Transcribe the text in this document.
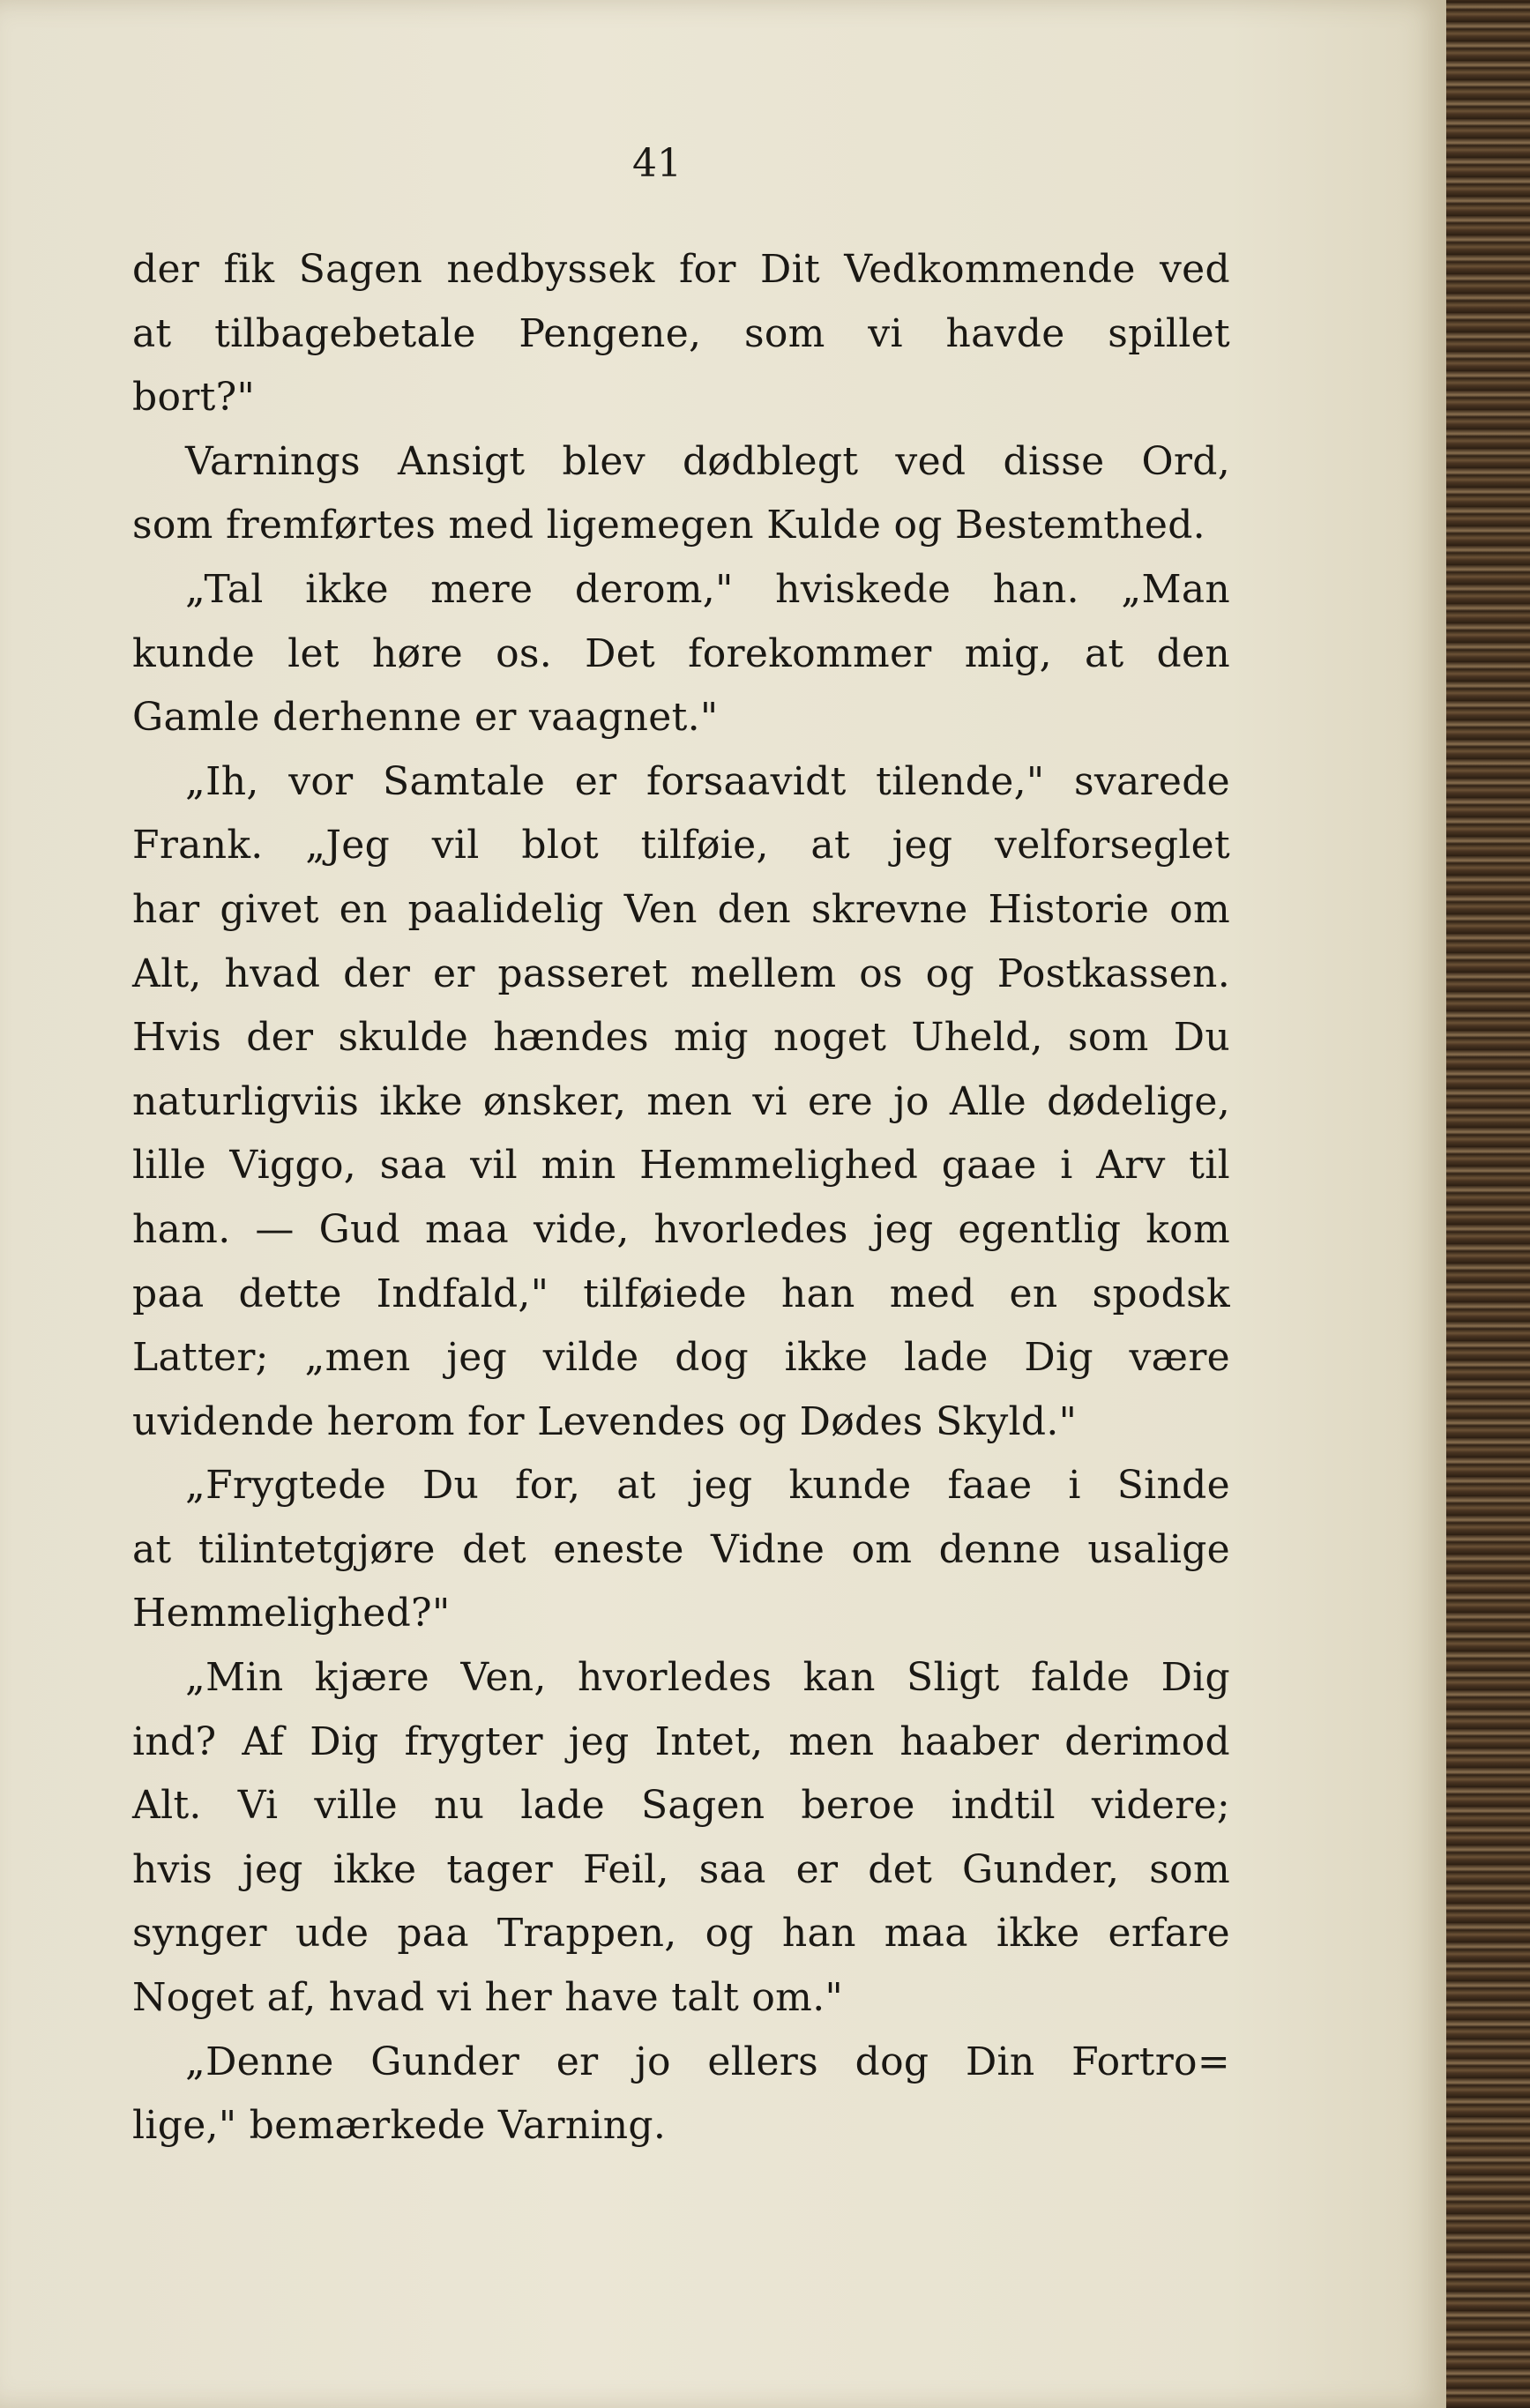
41
der fik Sagen nedbyssek for Dit Vedkommende ved
at tilbagebetale Pengene, som vi havde spillet
bort?"
Varnings Ansigt blev dødblegt ved disse Ord,
som fremførtes med ligemegen Kulde og Bestemthed.
„Tal ikke mere derom," hviskede han. „Man
kunde let høre os. Det forekommer mig, at den
Gamle derhenne er vaagnet."
„Ih, vor Samtale er forsaavidt tilende," svarede
Frank. „Jeg vil blot tilføie, at jeg velforseglet
har givet en paalidelig Ven den skrevne Historie om
Alt, hvad der er passeret mellem os og Postkassen.
Hvis der skulde hændes mig noget Uheld, som Du
naturligviis ikke ønsker, men vi ere jo Alle dødelige,
lille Viggo, saa vil min Hemmelighed gaae i Arv til
ham. — Gud maa vide, hvorledes jeg egentlig kom
paa dette Indfald," tilføiede han med en spodsk
Latter; „men jeg vilde dog ikke lade Dig være
uvidende herom for Levendes og Dødes Skyld."
„Frygtede Du for, at jeg kunde faae i Sinde
at tilintetgjøre det eneste Vidne om denne usalige
Hemmelighed?"
„Min kjære Ven, hvorledes kan Sligt falde Dig
ind? Af Dig frygter jeg Intet, men haaber derimod
Alt. Vi ville nu lade Sagen beroe indtil videre;
hvis jeg ikke tager Feil, saa er det Gunder, som
synger ude paa Trappen, og han maa ikke erfare
Noget af, hvad vi her have talt om."
„Denne Gunder er jo ellers dog Din Fortro=
lige," bemærkede Varning.
